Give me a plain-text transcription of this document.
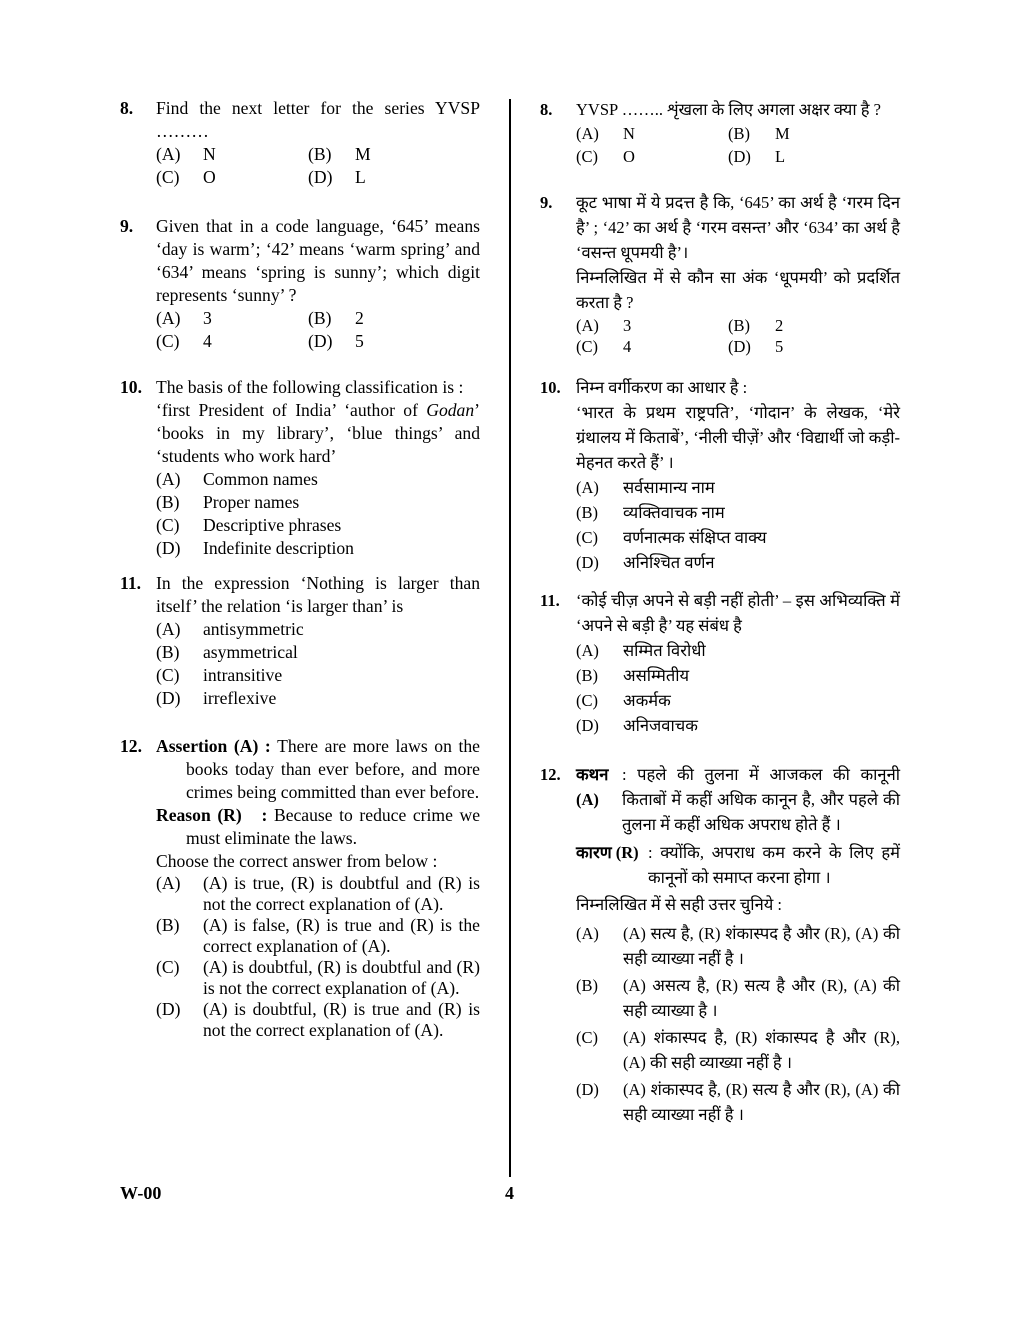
8. Find the next letter for the series YVSP ………
(A)	N	(B)	M
(C)	O	(D)	L
9. Given that in a code language, ‘645’ means ‘day is warm’; ‘42’ means ‘warm spring’ and ‘634’ means ‘spring is sunny’; which digit represents ‘sunny’ ?
(A)	3	(B)	2
(C)	4	(D)	5
10. The basis of the following classification is :
‘first President of India’ ‘author of Godan’ ‘books in my library’, ‘blue things’ and ‘students who work hard’
(A)	Common names
(B)	Proper names
(C)	Descriptive phrases
(D)	Indefinite description
11. In the expression ‘Nothing is larger than itself’ the relation ‘is larger than’ is
(A)	antisymmetric
(B)	asymmetrical
(C)	intransitive
(D)	irreflexive
12. Assertion (A) : There are more laws on the books today than ever before, and more crimes being committed than ever before.
Reason (R) : Because to reduce crime we must eliminate the laws.
Choose the correct answer from below :
(A)	(A) is true, (R) is doubtful and (R) is not the correct explanation of (A).
(B)	(A) is false, (R) is true and (R) is the correct explanation of (A).
(C)	(A) is doubtful, (R) is doubtful and (R) is not the correct explanation of (A).
(D)	(A) is doubtful, (R) is true and (R) is not the correct explanation of (A).
8. YVSP …….. शृंखला के लिए अगला अक्षर क्या है ?
(A)	N	(B)	M
(C)	O	(D)	L
9. कूट भाषा में ये प्रदत्त है कि, ‘645’ का अर्थ है ‘गरम दिन है’ ; ‘42’ का अर्थ है ‘गरम वसन्त’ और ‘634’ का अर्थ है ‘वसन्त धूपमयी है’।
निम्नलिखित में से कौन सा अंक ‘धूपमयी’ को प्रदर्शित करता है ?
(A)	3	(B)	2
(C)	4	(D)	5
10. निम्न वर्गीकरण का आधार है :
‘भारत के प्रथम राष्ट्रपति’, ‘गोदान’ के लेखक, ‘मेरे ग्रंथालय में किताबें’, ‘नीली चीज़ें’ और ‘विद्यार्थी जो कड़ी-मेहनत करते हैं’ ।
(A)	सर्वसामान्य नाम
(B)	व्यक्तिवाचक नाम
(C)	वर्णनात्मक संक्षिप्त वाक्य
(D)	अनिश्चित वर्णन
11. ‘कोई चीज़ अपने से बड़ी नहीं होती’ – इस अभिव्यक्ति में ‘अपने से बड़ी है’ यह संबंध है
(A)	सम्मित विरोधी
(B)	असम्मितीय
(C)	अकर्मक
(D)	अनिजवाचक
12. कथन (A)
: पहले की तुलना में आजकल की कानूनी किताबों में कहीं अधिक कानून है, और पहले की तुलना में कहीं अधिक अपराध होते हैं ।
कारण (R) : क्योंकि, अपराध कम करने के लिए हमें कानूनों को समाप्त करना होगा ।
निम्नलिखित में से सही उत्तर चुनिये :
(A)	(A) सत्य है, (R) शंकास्पद है और (R), (A) की सही व्याख्या नहीं है ।
(B)	(A) असत्य है, (R) सत्य है और (R), (A) की सही व्याख्या है ।
(C)	(A) शंकास्पद है, (R) शंकास्पद है और (R), (A) की सही व्याख्या नहीं है ।
(D)	(A) शंकास्पद है, (R) सत्य है और (R), (A) की सही व्याख्या नहीं है ।
W-00	4
